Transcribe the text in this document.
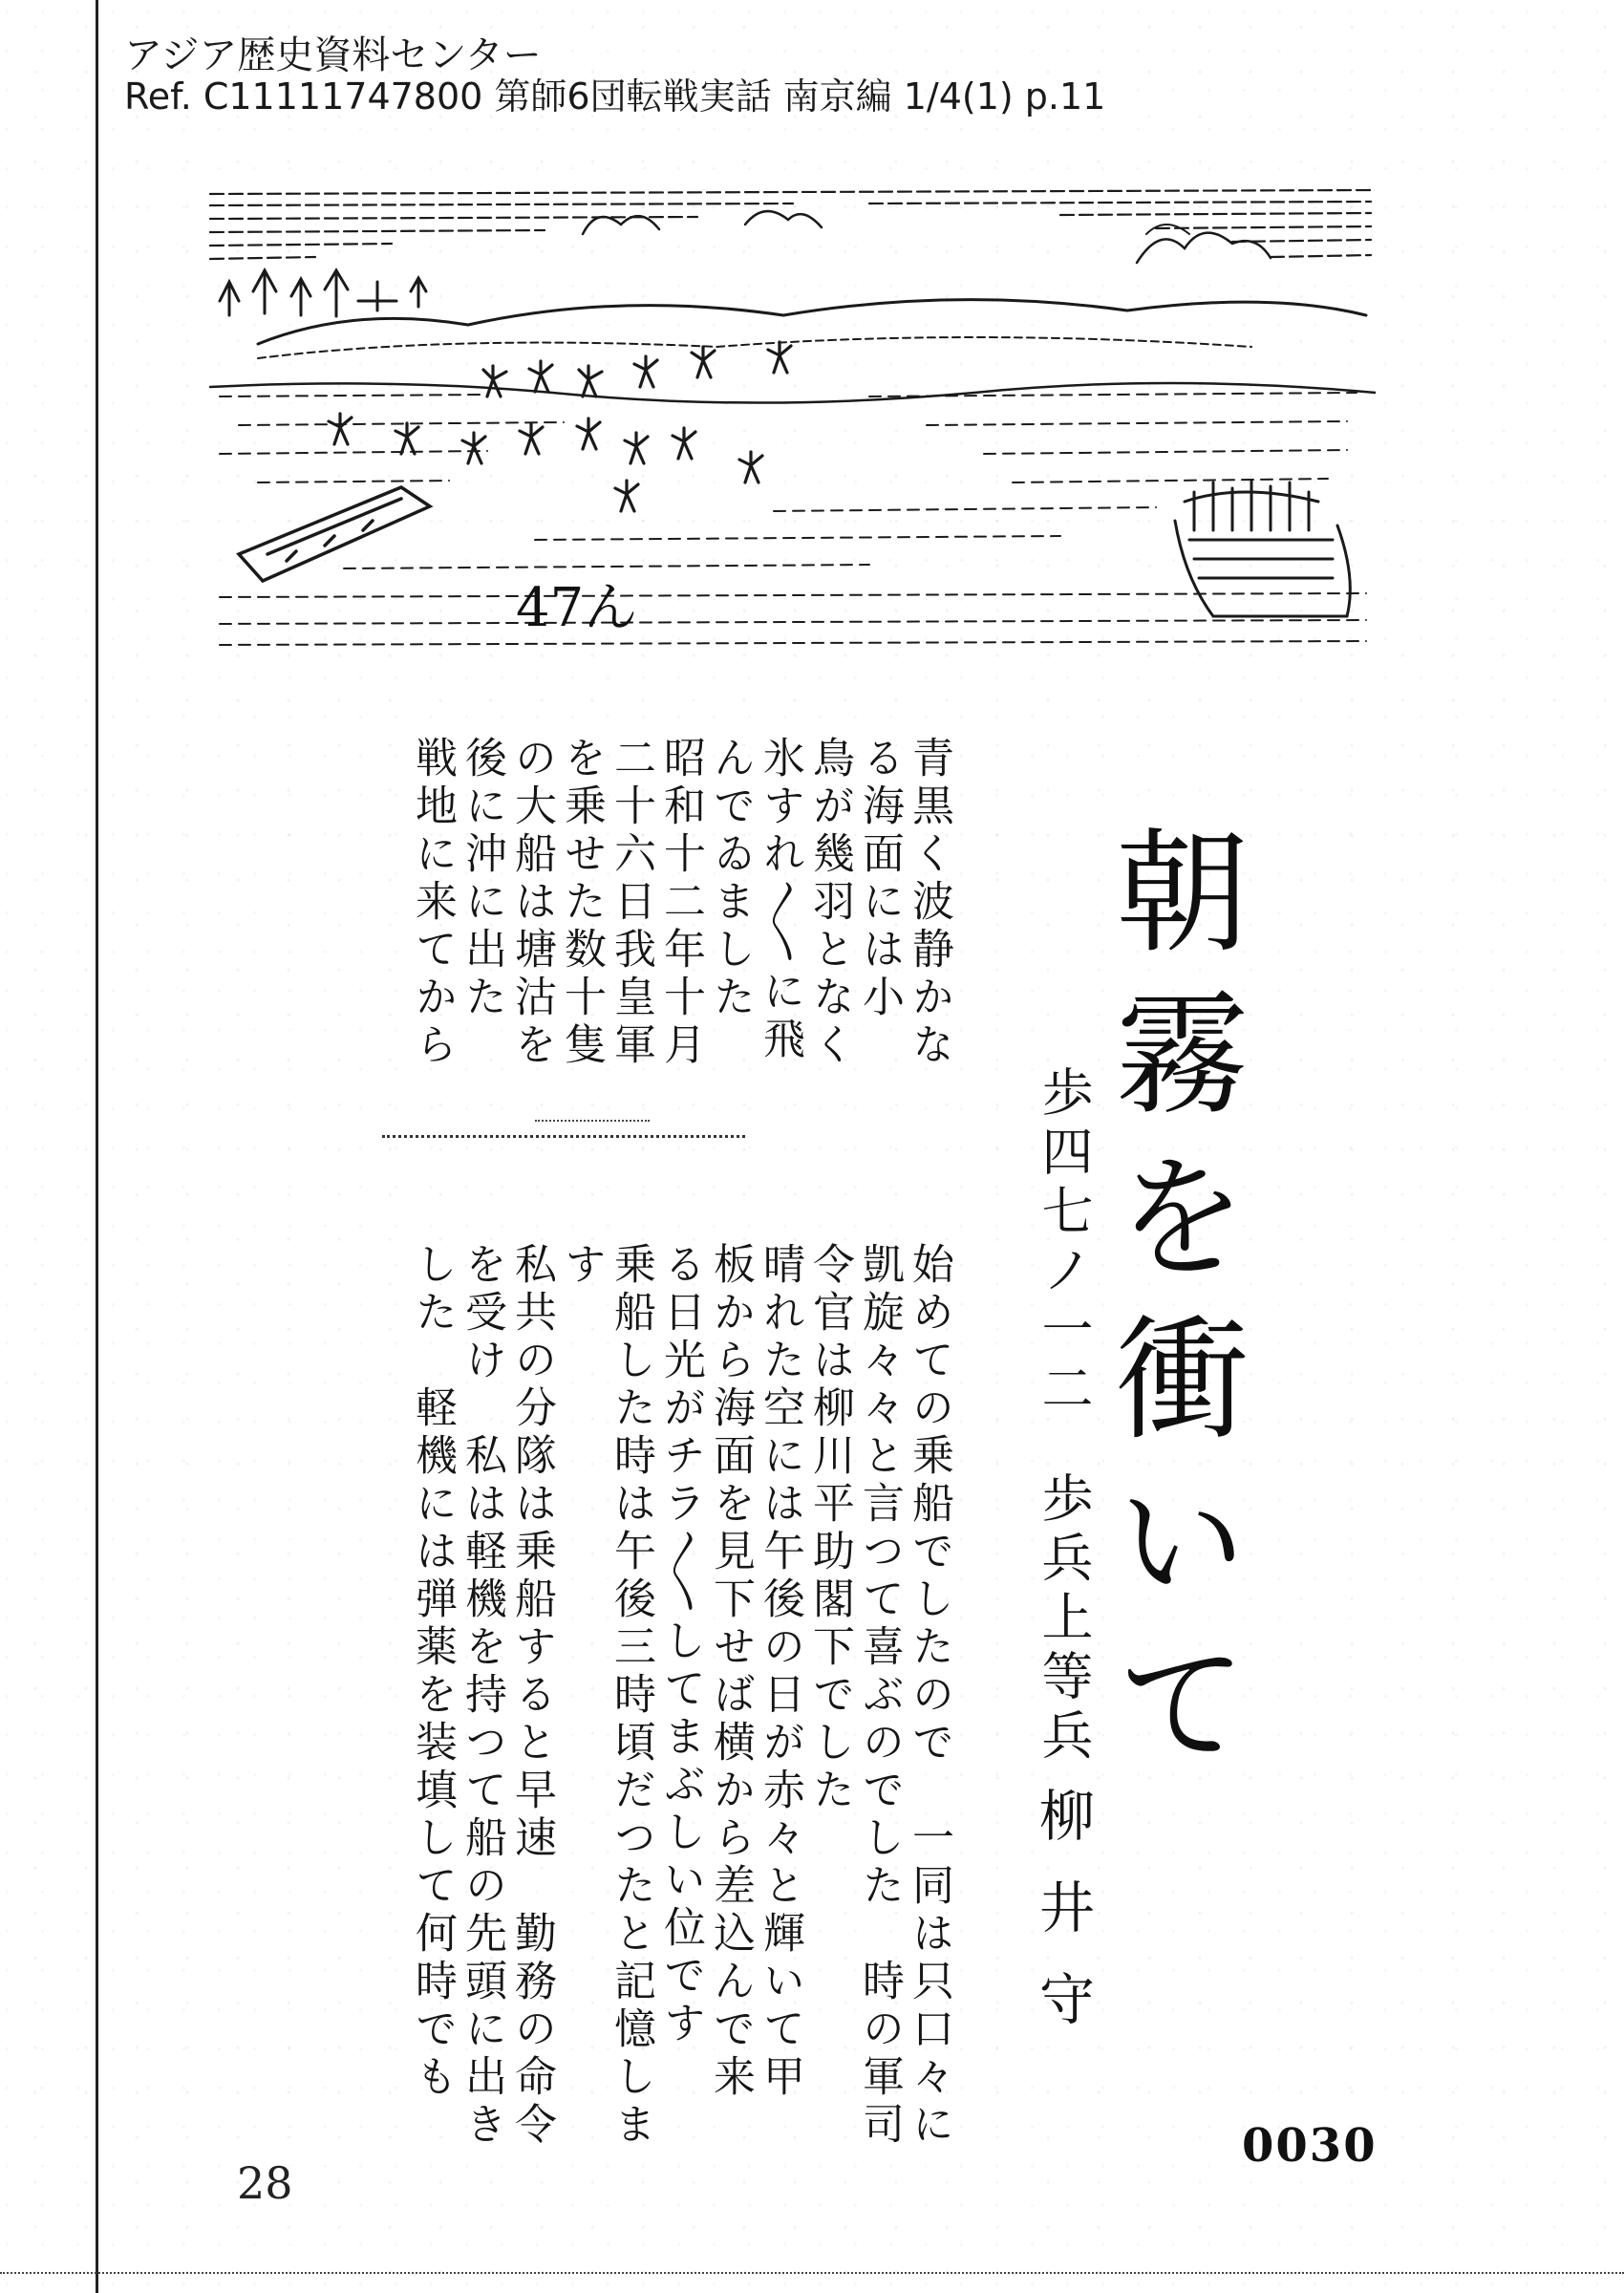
アジア歴史資料センター
Ref. C11111747800 第師6団転戦実話 南京編 1/4(1) p.11
47ん
朝霧を衝いて
歩四七ノ一二
歩兵上等兵
柳井守
青黒く波静かな
る海面には小
鳥が幾羽となく
氷すれ〳〵に飛
んでゐました
昭和十二年十月
二十六日我皇軍
を乗せた数十隻
の大船は塘沽を
後に沖に出た
戦地に来てから
始めての乗船でしたので　一同は只口々に
凱旋々々と言つて喜ぶのでした　時の軍司
令官は柳川平助閣下でした
晴れた空には午後の日が赤々と輝いて甲
板から海面を見下せば横から差込んで来
る日光がチラ〳〵してまぶしい位です
乗船した時は午後三時頃だつたと記憶しま
す
私共の分隊は乗船すると早速　勤務の命令
を受け　私は軽機を持つて船の先頭に出き
した　軽機には弾薬を装填して何時でも
28
0030
